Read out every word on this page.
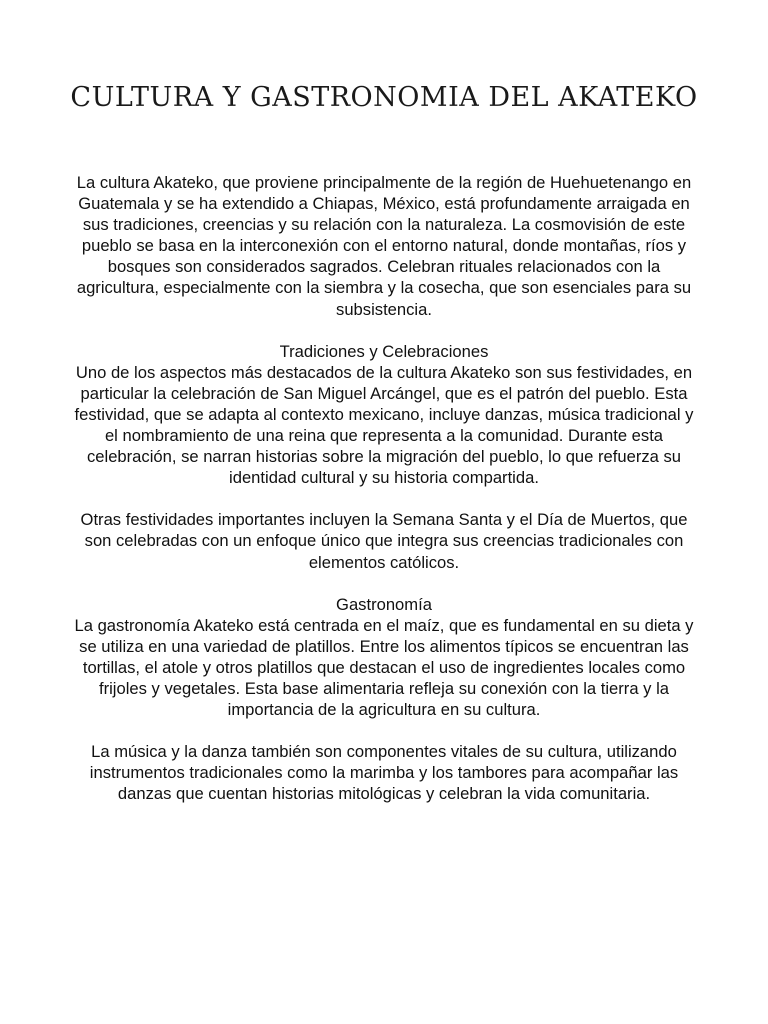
CULTURA Y GASTRONOMIA DEL AKATEKO

La cultura Akateko, que proviene principalmente de la región de Huehuetenango en Guatemala y se ha extendido a Chiapas, México, está profundamente arraigada en sus tradiciones, creencias y su relación con la naturaleza. La cosmovisión de este pueblo se basa en la interconexión con el entorno natural, donde montañas, ríos y bosques son considerados sagrados. Celebran rituales relacionados con la agricultura, especialmente con la siembra y la cosecha, que son esenciales para su subsistencia.

Tradiciones y Celebraciones
Uno de los aspectos más destacados de la cultura Akateko son sus festividades, en particular la celebración de San Miguel Arcángel, que es el patrón del pueblo. Esta festividad, que se adapta al contexto mexicano, incluye danzas, música tradicional y el nombramiento de una reina que representa a la comunidad. Durante esta celebración, se narran historias sobre la migración del pueblo, lo que refuerza su identidad cultural y su historia compartida.

Otras festividades importantes incluyen la Semana Santa y el Día de Muertos, que son celebradas con un enfoque único que integra sus creencias tradicionales con elementos católicos.

Gastronomía
La gastronomía Akateko está centrada en el maíz, que es fundamental en su dieta y se utiliza en una variedad de platillos. Entre los alimentos típicos se encuentran las tortillas, el atole y otros platillos que destacan el uso de ingredientes locales como frijoles y vegetales. Esta base alimentaria refleja su conexión con la tierra y la importancia de la agricultura en su cultura.

La música y la danza también son componentes vitales de su cultura, utilizando instrumentos tradicionales como la marimba y los tambores para acompañar las danzas que cuentan historias mitológicas y celebran la vida comunitaria.
